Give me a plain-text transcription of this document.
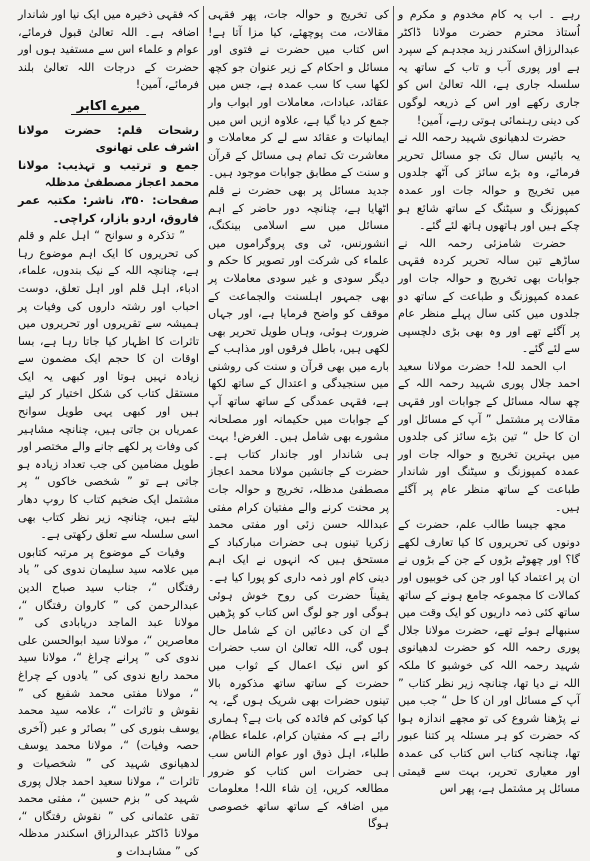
رہے ۔ اب یہ کام مخدوم و مکرم و اُستاذ محترم حضرت مولانا ڈاکٹر عبدالرزاق اسکندر زید مجدہم کے سپرد ہے اور پوری آب و تاب کے ساتھ یہ سلسلہ جاری ہے، اللہ تعالیٰ اس کو جاری رکھے اور اس کے ذریعہ لوگوں کی دینی رہنمائی ہوتی رہے، آمین!

حضرت لدھیانوی شہید رحمہ اللہ نے یہ بائیس سال تک جو مسائل تحریر فرمائے، وہ بڑے سائز کی آٹھ جلدوں میں تخریج و حوالہ جات اور عمدہ کمپوزنگ و سیٹنگ کے ساتھ شائع ہو چکے ہیں اور ہاتھوں ہاتھ لئے گئے۔

حضرت شامزئی رحمہ اللہ نے ساڑھے تین سالہ تحریر کردہ فقہی جوابات بھی تخریج و حوالہ جات اور عمدہ کمپوزنگ و طباعت کے ساتھ دو جلدوں میں کئی سال پہلے منظر عام پر آگئے تھے اور وہ بھی بڑی دلچسپی سے لئے گئے۔

اب الحمد للہ! حضرت مولانا سعید احمد جلال پوری شہید رحمہ اللہ کے چھ سالہ مسائل کے جوابات اور فقہی مقالات پر مشتمل ” آپ کے مسائل اور ان کا حل “ تین بڑے سائز کی جلدوں میں بہترین تخریج و حوالہ جات اور عمدہ کمپوزنگ و سیٹنگ اور شاندار طباعت کے ساتھ منظر عام پر آگئے ہیں۔

مجھ جیسا طالب علم، حضرت کے دونوں کی تحریروں کا کیا تعارف لکھے گا؟ اور چھوٹے بڑوں کے جن کے بڑوں نے ان پر اعتماد کیا اور جن کی خوبیوں اور کمالات کا مجموعہ جامع ہونے کے ساتھ ساتھ کئی ذمہ داریوں کو ایک وقت میں سنبھالے ہوئے تھے، حضرت مولانا جلال پوری رحمہ اللہ کو حضرت لدھیانوی شہید رحمہ اللہ کی خوشبو کا ملکہ اللہ نے دیا تھا، چنانچہ زیر نظر کتاب ” آپ کے مسائل اور ان کا حل “ جب میں نے پڑھنا شروع کی تو مجھے اندازہ ہوا کہ حضرت کو ہر مسئلہ پر کتنا عبور تھا، چنانچہ کتاب اس کتاب کی عمدہ اور معیاری تحریر، بہت سے قیمتی مسائل پر مشتمل ہے، پھر اس

کی تخریج و حوالہ جات، پھر فقہی مقالات، مت پوچھئے، کیا مزا آتا ہے! اس کتاب میں حضرت نے فتوی اور مسائل و احکام کے زیر عنوان جو کچھ لکھا سب کا سب عمدہ ہے، جس میں عقائد، عبادات، معاملات اور ابواب وار جمع کر دیا گیا ہے، علاوہ ازیں اس میں ایمانیات و عقائد سے لے کر معاملات و معاشرت تک تمام ہی مسائل کے قرآن و سنت کے مطابق جوابات موجود ہیں۔ جدید مسائل پر بھی حضرت نے قلم اٹھایا ہے، چنانچہ دور حاضر کے اہم مسائل میں سے اسلامی بینکنگ، انشورنس، ٹی وی پروگراموں میں علماء کی شرکت اور تصویر کا حکم و دیگر سودی و غیر سودی معاملات پر بھی جمہور اہلسنت والجماعت کے موقف کو واضح فرمایا ہے، اور جہاں ضرورت ہوئی، وہاں طویل تحریر بھی لکھی ہیں، باطل فرقوں اور مذاہب کے بارے میں بھی قرآن و سنت کی روشنی میں سنجیدگی و اعتدال کے ساتھ لکھا ہے، فقہی عمدگی کے ساتھ ساتھ آپ کے جوابات میں حکیمانہ اور مصلحانہ مشورے بھی شامل ہیں۔ الغرض! بہت ہی شاندار اور جاندار کتاب ہے۔ حضرت کے جانشین مولانا محمد اعجاز مصطفیٰ مدظلہ، تخریج و حوالہ جات پر محنت کرنے والے مفتیان کرام مفتی عبداللہ حسن زئی اور مفتی محمد زکریا تینوں ہی حضرات مبارکباد کے مستحق ہیں کہ انہوں نے ایک اہم دینی کام اور ذمہ داری کو پورا کیا ہے۔ یقیناً حضرت کی روح خوش ہوئی ہوگی اور جو لوگ اس کتاب کو پڑھیں گے ان کی دعائیں ان کے شامل حال ہوں گی، اللہ تعالیٰ ان سب حضرات کو اس نیک اعمال کے ثواب میں حضرت کے ساتھ ساتھ مذکورہ بالا تینوں حضرات بھی شریک ہوں گے، یہ کیا کوئی کم فائدہ کی بات ہے؟ ہماری رائے ہے کہ مفتیان کرام، علماء عظام، طلباء، اہل ذوق اور عوام الناس سب ہی حضرات اس کتاب کو ضرور مطالعہ کریں، اِن شاء اللہ! معلومات میں اضافہ کے ساتھ ساتھ خصوصی ہوگا

کہ فقہی ذخیرہ میں ایک نیا اور شاندار اضافہ ہے۔ اللہ تعالیٰ قبول فرمائے، عوام و علماء اس سے مستفید ہوں اور حضرت کے درجات اللہ تعالیٰ بلند فرمائے، آمین!

میرے اکابر

رشحات قلم: حضرت مولانا اشرف علی تھانوی

جمع و ترتیب و تہذیب: مولانا محمد اعجاز مصطفیٰ مدظلہ

صفحات: ۳۵۰، ناشر: مکتبہ عمر فاروق، اردو بازار، کراچی۔

” تذکرہ و سوانح “ اہل علم و قلم کی تحریروں کا ایک اہم موضوع رہا ہے، چنانچہ اللہ کے نیک بندوں، علماء، ادباء، اہل قلم اور اہل تعلق، دوست احباب اور رشتہ داروں کی وفیات پر ہمیشہ سے تقریروں اور تحریروں میں تاثرات کا اظہار کیا جاتا رہا ہے، بسا اوقات ان کا حجم ایک مضمون سے زیادہ نہیں ہوتا اور کبھی یہ ایک مستقل کتاب کی شکل اختیار کر لیتے ہیں اور کبھی یہی طویل سوانح عمریاں بن جاتی ہیں، چنانچہ مشاہیر کی وفات پر لکھے جانے والے مختصر اور طویل مضامین کی جب تعداد زیادہ ہو جاتی ہے تو ” شخصی خاکوں “ پر مشتمل ایک ضخیم کتاب کا روپ دھار لیتے ہیں، چنانچہ زیر نظر کتاب بھی اسی سلسلہ سے تعلق رکھتی ہے۔

وفیات کے موضوع پر مرتبہ کتابوں میں علامہ سید سلیمان ندوی کی ” یاد رفتگاں “، جناب سید صباح الدین عبدالرحمن کی ” کاروان رفتگاں “، مولانا عبد الماجد دریابادی کی ” معاصرین “، مولانا سید ابوالحسن علی ندوی کی ” پرانے چراغ “، مولانا سید محمد رابع ندوی کی ” یادوں کے چراغ “، مولانا مفتی محمد شفیع کی ” نقوش و تاثرات “، علامہ سید محمد یوسف بنوری کی ” بصائر و عبر (آخری حصہ وفیات) “، مولانا محمد یوسف لدھیانوی شہید کی ” شخصیات و تاثرات “، مولانا سعید احمد جلال پوری شہید کی ” بزم حسین “، مفتی محمد تقی عثمانی کی ” نقوش رفتگاں “، مولانا ڈاکٹر عبدالرزاق اسکندر مدظلہ کی ” مشاہدات و
